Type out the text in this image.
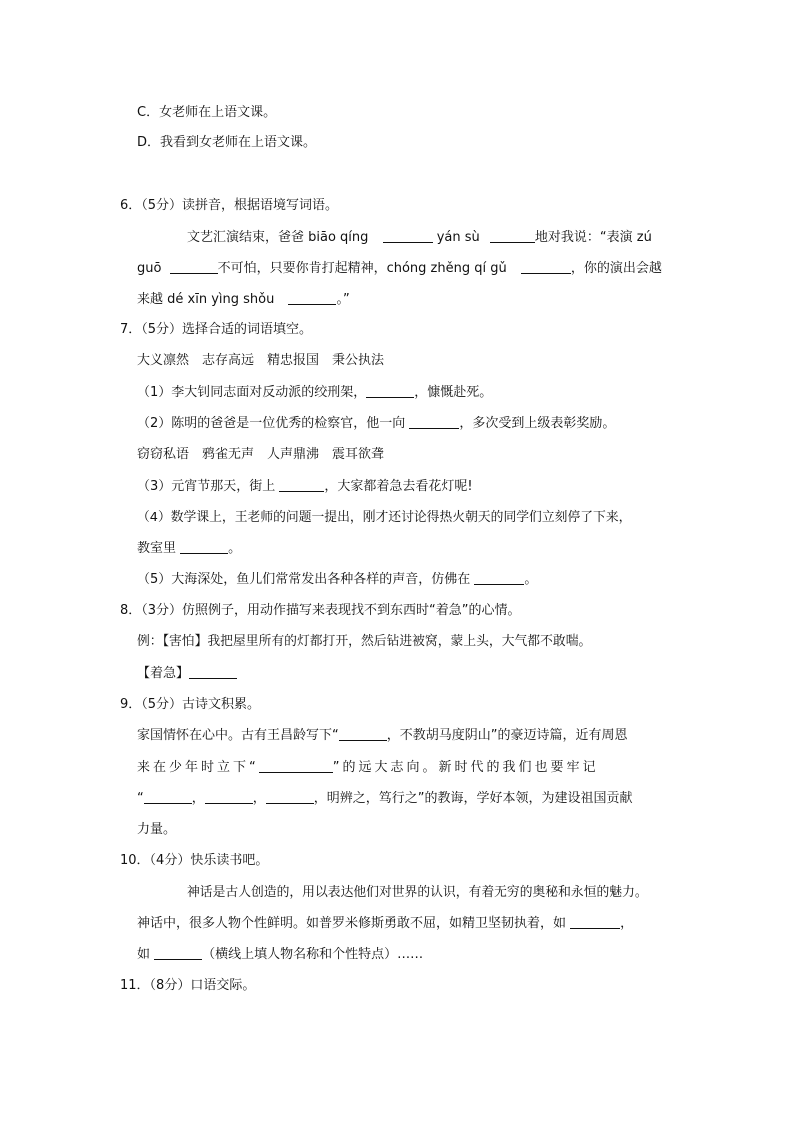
C．女老师在上语文课。
D．我看到女老师在上语文课。
6．（5分）读拼音，根据语境写词语。
文艺汇演结束，爸爸 biāo qíng	yán sù	地对我说：“表演 zú
guō	不可怕，只要你肯打起精神，chóng zhěng qí gǔ	，你的演出会越
来越 dé xīn yìng shǒu	。”
7．（5分）选择合适的词语填空。
大义凛然　志存高远　精忠报国　秉公执法
（1）李大钊同志面对反动派的绞刑架，	，慷慨赴死。
（2）陈明的爸爸是一位优秀的检察官，他一向	，多次受到上级表彰奖励。
窃窃私语　鸦雀无声　人声鼎沸　震耳欲聋
（3）元宵节那天，街上	，大家都着急去看花灯呢!
（4）数学课上，王老师的问题一提出，刚才还讨论得热火朝天的同学们立刻停了下来，
教室里	。
（5）大海深处，鱼儿们常常发出各种各样的声音，仿佛在	。
8．（3分）仿照例子，用动作描写来表现找不到东西时“着急”的心情。
例：【害怕】我把屋里所有的灯都打开，然后钻进被窝，蒙上头，大气都不敢喘。
【着急】
9．（5分）古诗文积累。
家国情怀在心中。古有王昌龄写下“	，不教胡马度阴山”的豪迈诗篇，近有周恩
来在少年时立下“	”的远大志向。新时代的我们也要牢记
“	，	，	，明辨之，笃行之”的教诲，学好本领，为建设祖国贡献
力量。
10．（4分）快乐读书吧。
神话是古人创造的，用以表达他们对世界的认识，有着无穷的奥秘和永恒的魅力。
神话中，很多人物个性鲜明。如普罗米修斯勇敢不屈，如精卫坚韧执着，如	，
如	（横线上填人物名称和个性特点）……
11．（8分）口语交际。
